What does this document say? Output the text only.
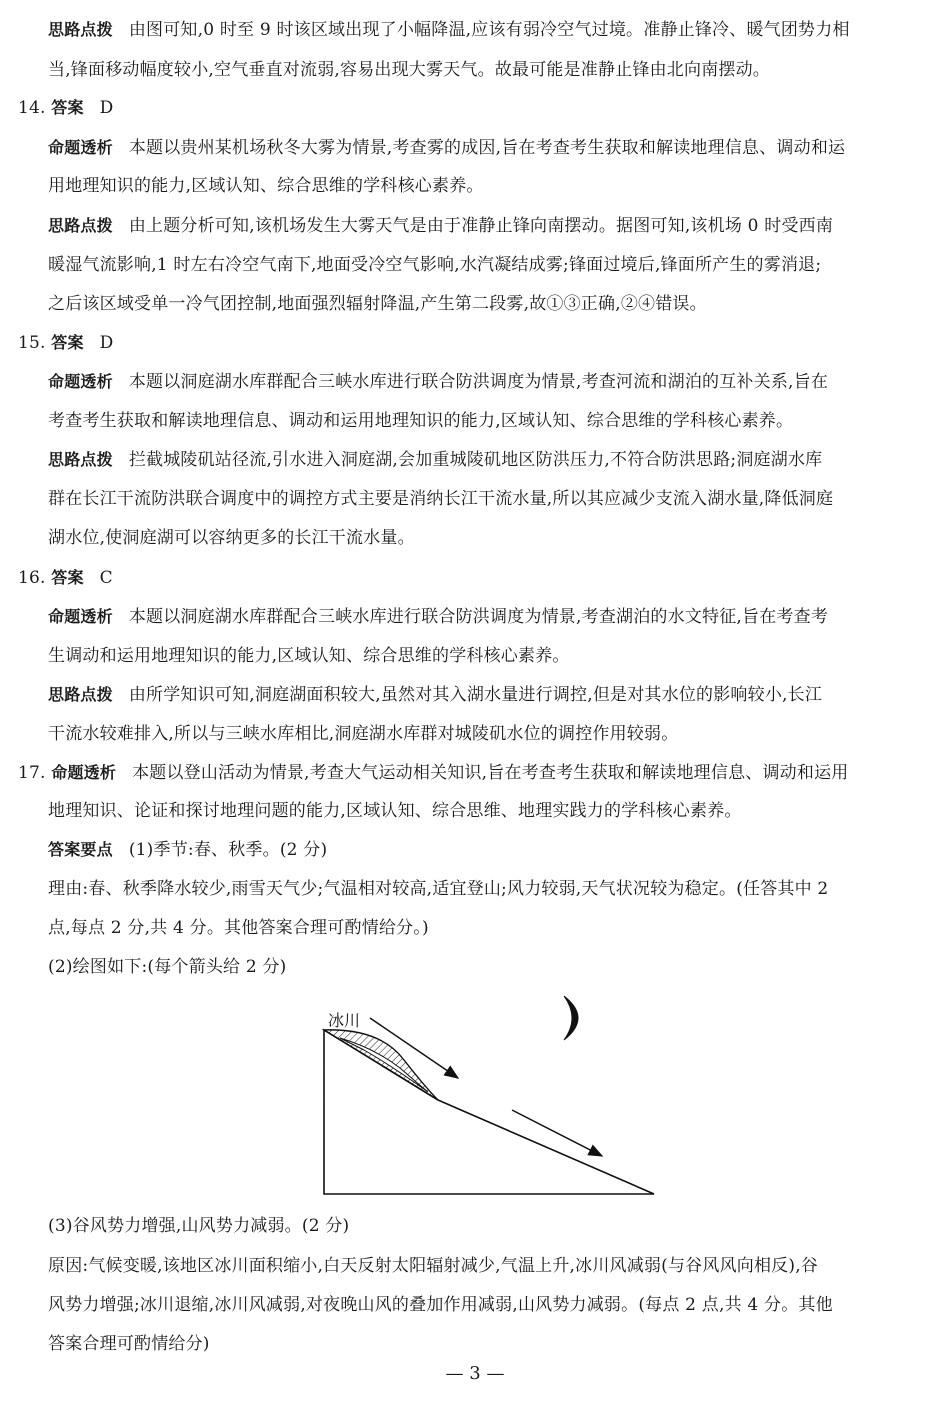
思路点拨 由图可知,0 时至 9 时该区域出现了小幅降温,应该有弱冷空气过境。准静止锋冷、暖气团势力相
当,锋面移动幅度较小,空气垂直对流弱,容易出现大雾天气。故最可能是准静止锋由北向南摆动。
14. 答案 D
命题透析 本题以贵州某机场秋冬大雾为情景,考查雾的成因,旨在考查考生获取和解读地理信息、调动和运
用地理知识的能力,区域认知、综合思维的学科核心素养。
思路点拨 由上题分析可知,该机场发生大雾天气是由于准静止锋向南摆动。据图可知,该机场 0 时受西南
暖湿气流影响,1 时左右冷空气南下,地面受冷空气影响,水汽凝结成雾;锋面过境后,锋面所产生的雾消退;
之后该区域受单一冷气团控制,地面强烈辐射降温,产生第二段雾,故①③正确,②④错误。
15. 答案 D
命题透析 本题以洞庭湖水库群配合三峡水库进行联合防洪调度为情景,考查河流和湖泊的互补关系,旨在
考查考生获取和解读地理信息、调动和运用地理知识的能力,区域认知、综合思维的学科核心素养。
思路点拨 拦截城陵矶站径流,引水进入洞庭湖,会加重城陵矶地区防洪压力,不符合防洪思路;洞庭湖水库
群在长江干流防洪联合调度中的调控方式主要是消纳长江干流水量,所以其应减少支流入湖水量,降低洞庭
湖水位,使洞庭湖可以容纳更多的长江干流水量。
16. 答案 C
命题透析 本题以洞庭湖水库群配合三峡水库进行联合防洪调度为情景,考查湖泊的水文特征,旨在考查考
生调动和运用地理知识的能力,区域认知、综合思维的学科核心素养。
思路点拨 由所学知识可知,洞庭湖面积较大,虽然对其入湖水量进行调控,但是对其水位的影响较小,长江
干流水较难排入,所以与三峡水库相比,洞庭湖水库群对城陵矶水位的调控作用较弱。
17. 命题透析 本题以登山活动为情景,考查大气运动相关知识,旨在考查考生获取和解读地理信息、调动和运用
地理知识、论证和探讨地理问题的能力,区域认知、综合思维、地理实践力的学科核心素养。
答案要点 (1)季节:春、秋季。(2 分)
理由:春、秋季降水较少,雨雪天气少;气温相对较高,适宜登山;风力较弱,天气状况较为稳定。(任答其中 2
点,每点 2 分,共 4 分。其他答案合理可酌情给分。)
(2)绘图如下:(每个箭头给 2 分)
冰川
(3)谷风势力增强,山风势力减弱。(2 分)
原因:气候变暖,该地区冰川面积缩小,白天反射太阳辐射减少,气温上升,冰川风减弱(与谷风风向相反),谷
风势力增强;冰川退缩,冰川风减弱,对夜晚山风的叠加作用减弱,山风势力减弱。(每点 2 点,共 4 分。其他
答案合理可酌情给分)
— 3 —
